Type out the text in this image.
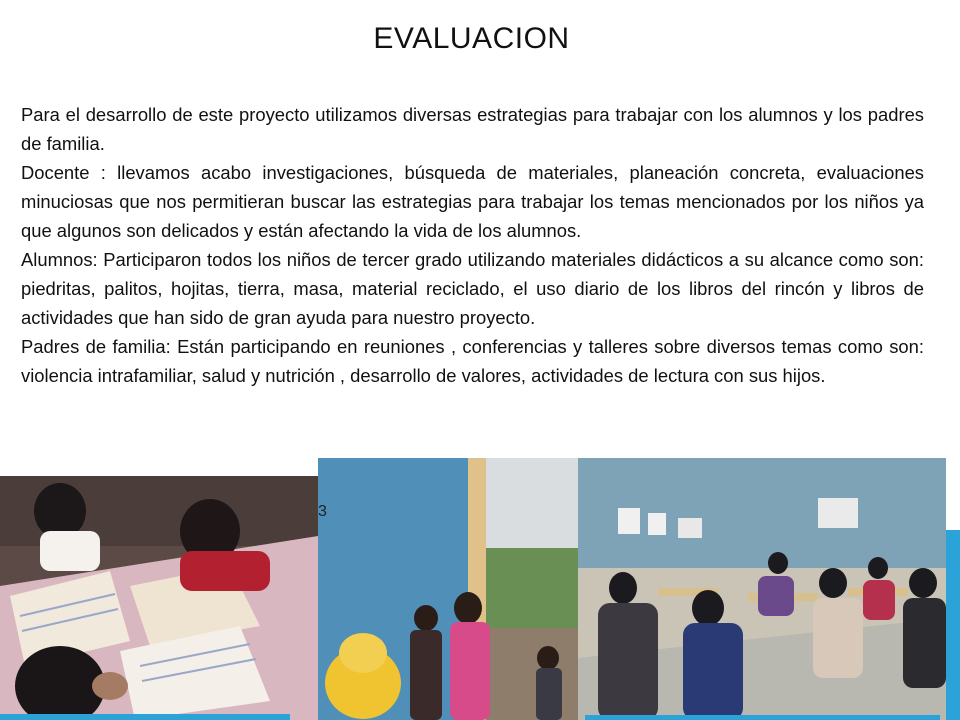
EVALUACION

Para el desarrollo de este proyecto utilizamos diversas estrategias para trabajar con los alumnos y los padres de familia.

Docente : llevamos acabo investigaciones, búsqueda de materiales, planeación concreta, evaluaciones minuciosas que nos permitieran buscar las estrategias para trabajar los temas mencionados por los niños ya que algunos son delicados y están afectando la vida de los alumnos.

Alumnos: Participaron todos los niños de tercer grado utilizando materiales didácticos a su alcance como son: piedritas, palitos, hojitas, tierra, masa, material reciclado, el uso diario de los libros del rincón y libros de actividades que han sido de gran ayuda para nuestro proyecto.

Padres de familia: Están participando en reuniones , conferencias y talleres sobre diversos temas como son: violencia intrafamiliar, salud y nutrición , desarrollo de valores, actividades de lectura con sus hijos.

3
